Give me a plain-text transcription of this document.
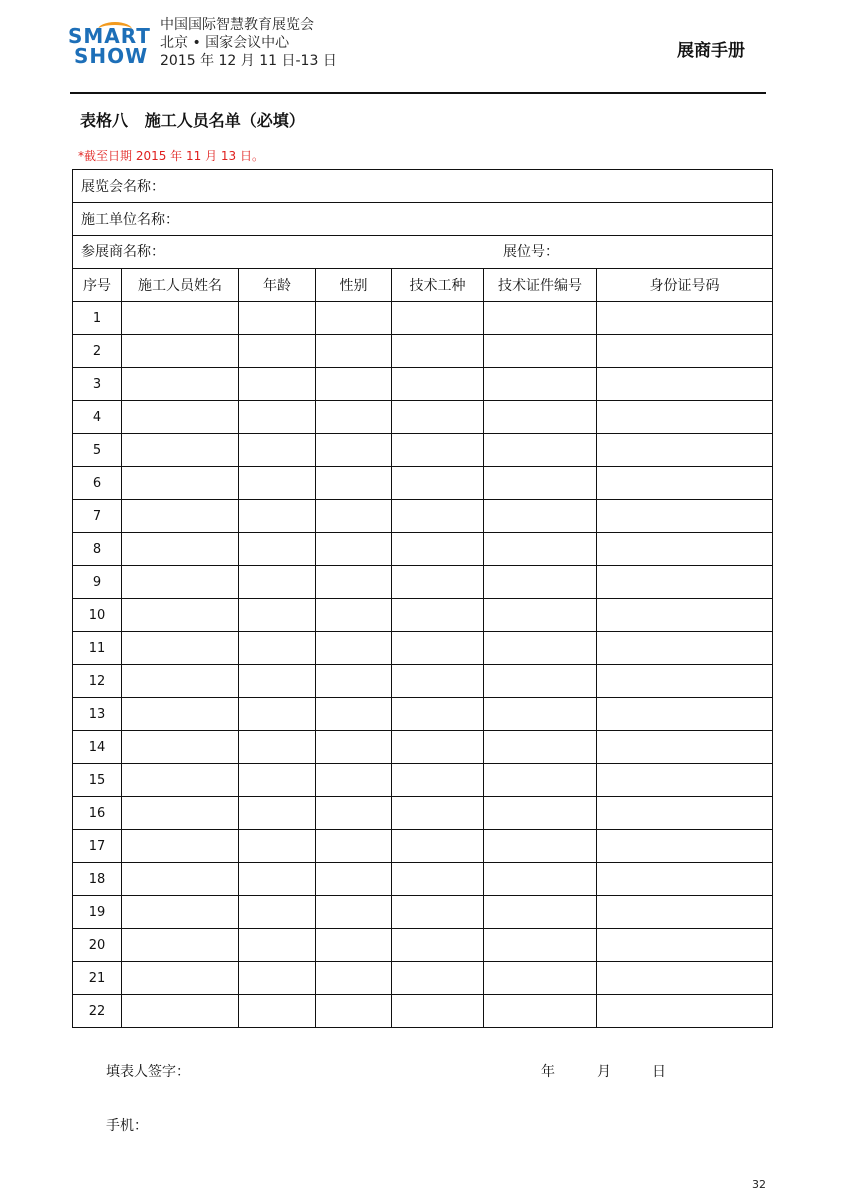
SMART
SHOW
中国国际智慧教育展览会
北京 • 国家会议中心
2015 年 12 月 11 日-13 日	展商手册
表格八   施工人员名单（必填）
*截至日期 2015 年 11 月 13 日。
展览会名称：						
施工单位名称：						

参展商名称： 展位号：						

序号	施工人员姓名	年龄	性别	技术工种	技术证件编号	身份证号码
1						
2						
3						
4						
5						
6						
7						
8						
9						
10						
11						
12						
13						
14						
15						
16						
17						
18						
19						
20						
21						
22						
填表人签字：	年	月	日
手机：
32
